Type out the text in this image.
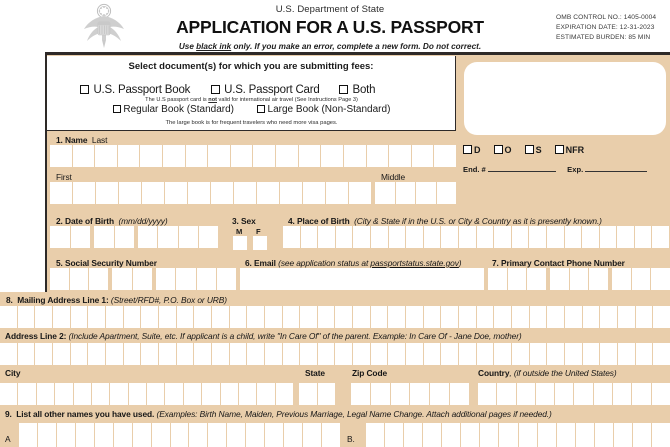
U.S. Department of State
APPLICATION FOR A U.S. PASSPORT
Use black ink only. If you make an error, complete a new form. Do not correct.
OMB CONTROL NO.: 1405-0004
EXPIRATION DATE: 12-31-2023
ESTIMATED BURDEN: 85 MIN
Select document(s) for which you are submitting fees:
U.S. Passport Book	U.S. Passport Card	Both
The U.S passport card is not valid for international air travel (See Instructions Page 3)
Regular Book (Standard)	Large Book (Non-Standard)
The large book is for frequent travelers who need more visa pages.
D	O	S	NFR
End. #	Exp.
1. Name Last
First	Middle
2. Date of Birth (mm/dd/yyyy)	3. Sex
M F
4. Place of Birth (City & State if in the U.S. or City & Country as it is presently known.)
5. Social Security Number	6. Email (see application status at passportstatus.state.gov)	7. Primary Contact Phone Number
8. Mailing Address Line 1: (Street/RFD#, P.O. Box or URB)
Address Line 2: (Include Apartment, Suite, etc. If applicant is a child, write "In Care Of" of the parent. Example: In Care Of - Jane Doe, mother)
City	State	Zip Code	Country, (if outside the United States)
9. List all other names you have used. (Examples: Birth Name, Maiden, Previous Marriage, Legal Name Change. Attach additional pages if needed.)
A	B.
